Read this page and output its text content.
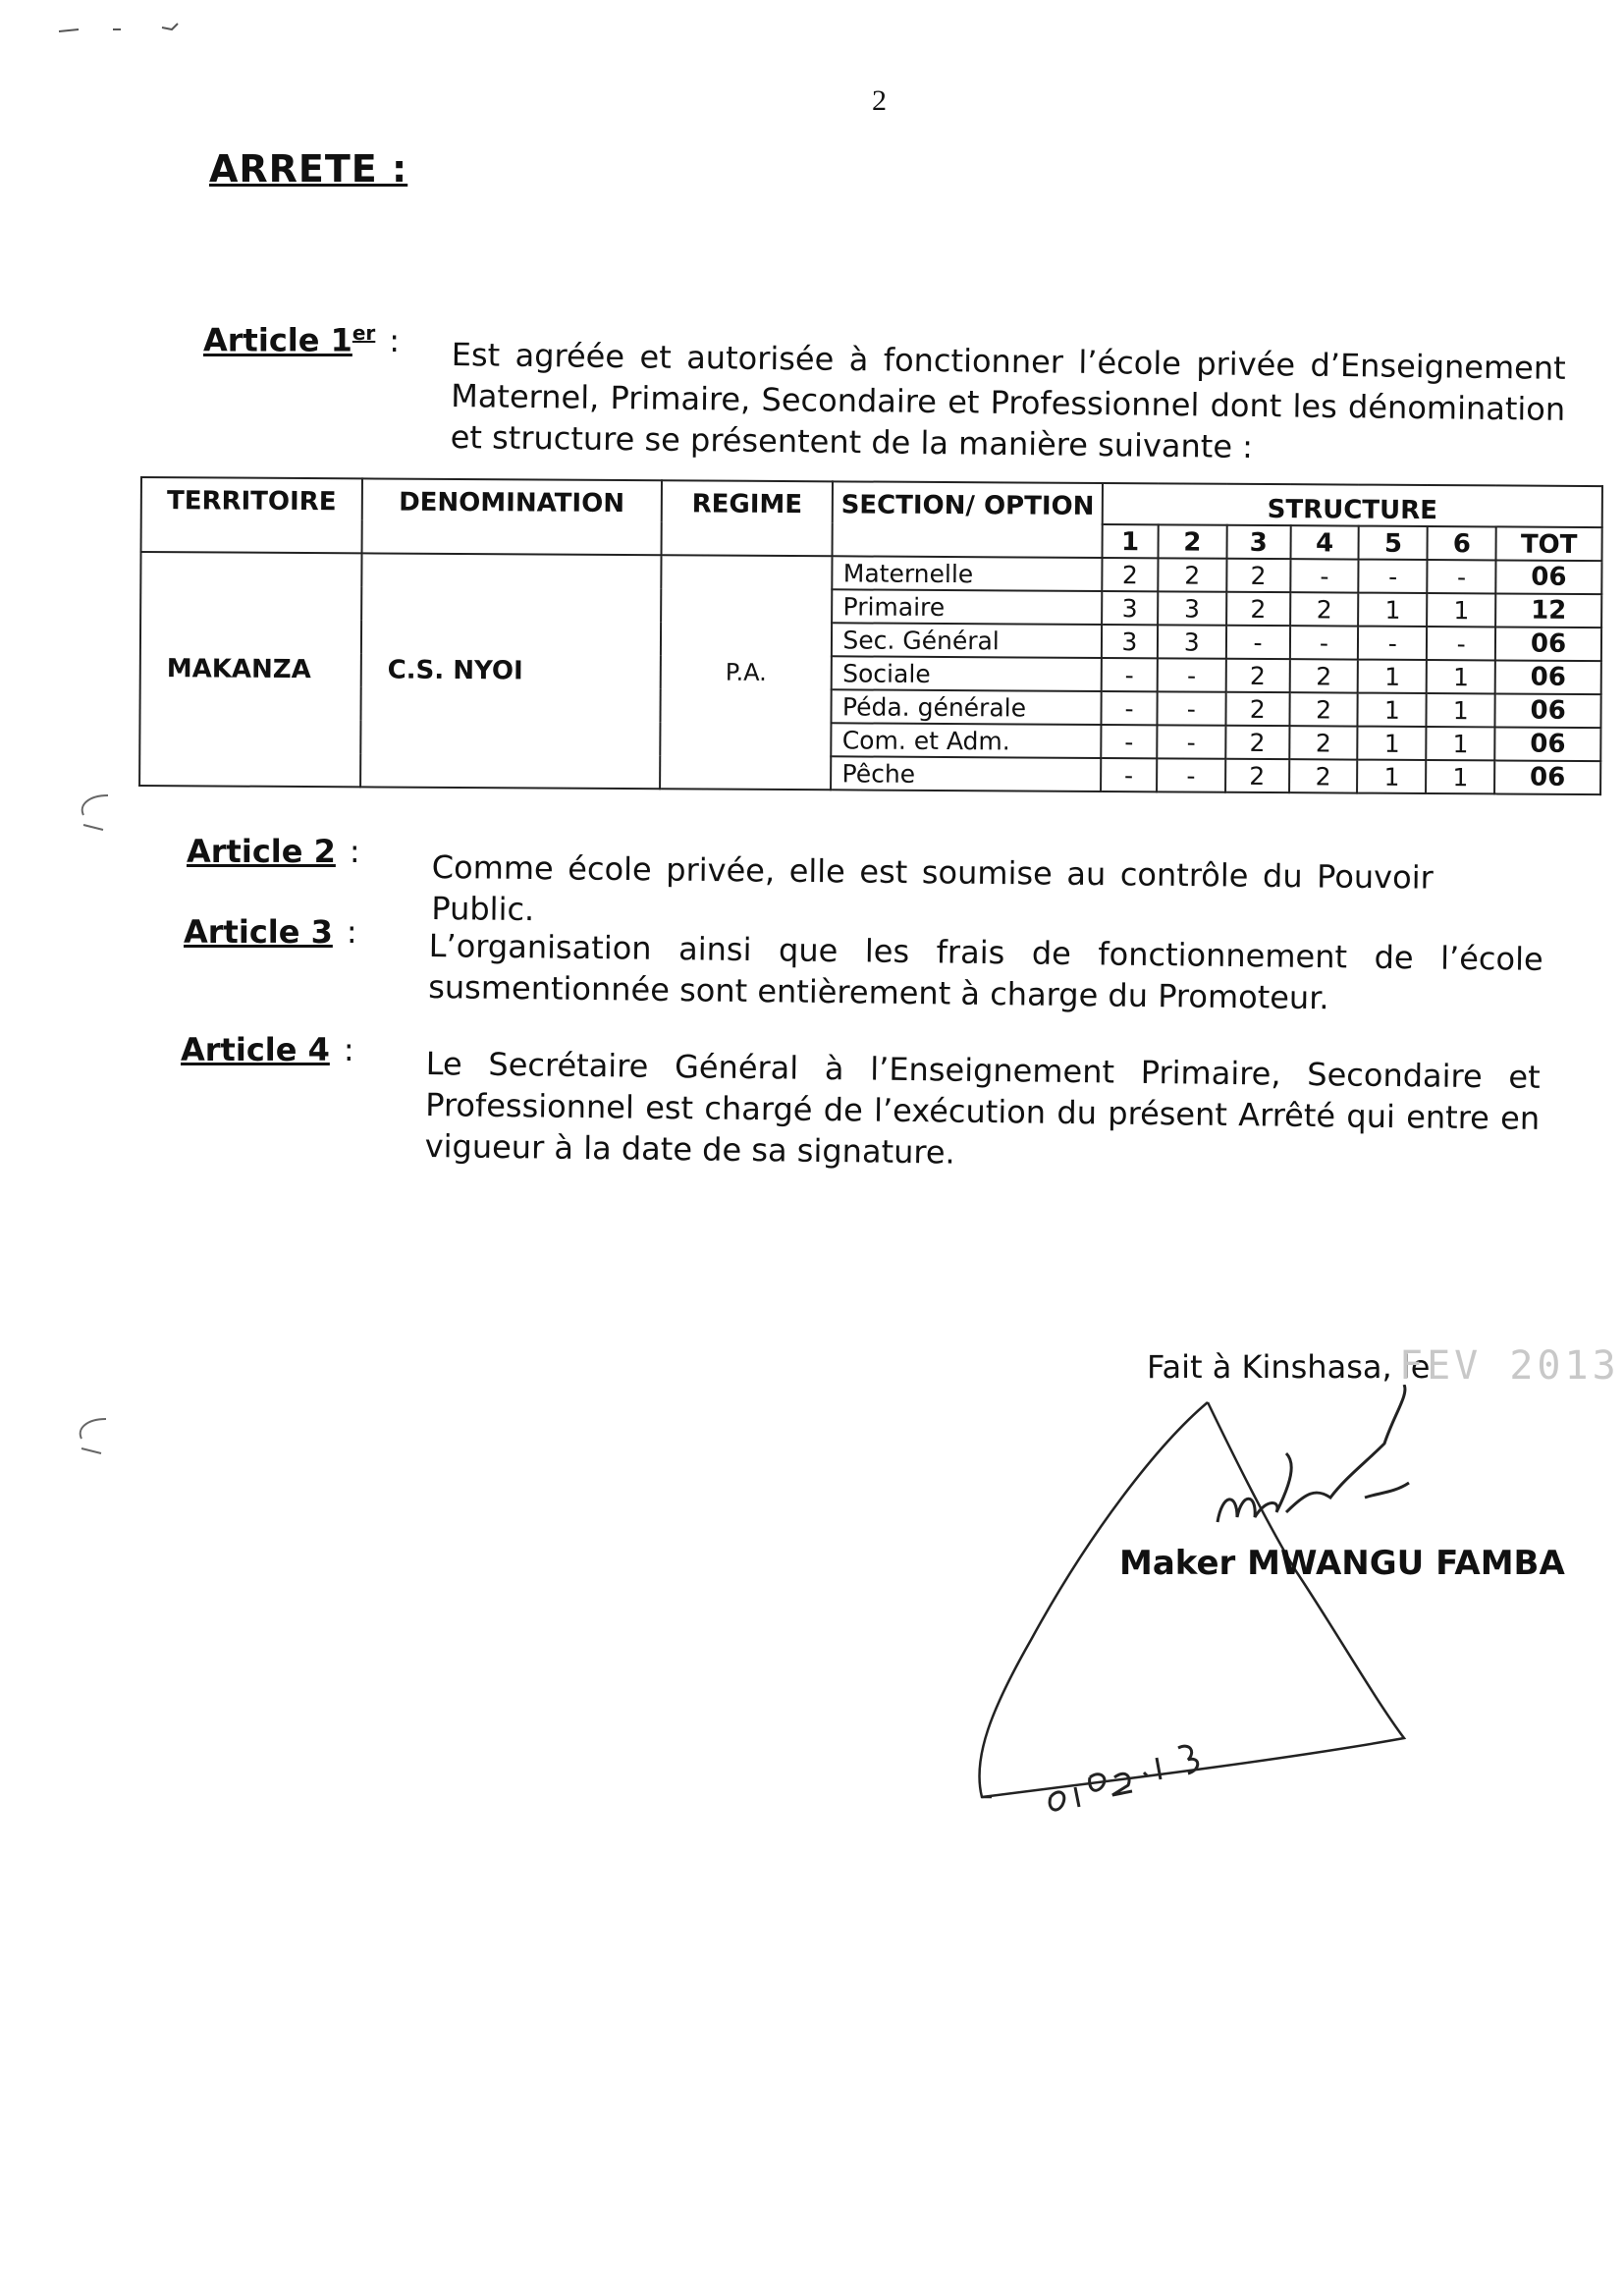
2
ARRETE :
Article 1er : Est agréée et autorisée à fonctionner l’école privée d’Enseignement Maternel, Primaire, Secondaire et Professionnel dont les dénomination et structure se présentent de la manière suivante :
TERRITOIRE	DENOMINATION	REGIME	SECTION/ OPTION	STRUCTURE						
				1	2	3	4	5	6	TOT
MAKANZA	C.S. NYOI	P.A.	Maternelle	2	2	2	-	-	-	06
			Primaire	3	3	2	2	1	1	12
			Sec. Général	3	3	-	-	-	-	06
			Sociale	-	-	2	2	1	1	06
			Péda. générale	-	-	2	2	1	1	06
			Com. et Adm.	-	-	2	2	1	1	06
			Pêche	-	-	2	2	1	1	06
Article 2 : Comme école privée, elle est soumise au contrôle du Pouvoir Public.
Article 3 : L’organisation ainsi que les frais de fonctionnement de l’école susmentionnée sont entièrement à charge du Promoteur.
Article 4 : Le Secrétaire Général à l’Enseignement Primaire, Secondaire et Professionnel est chargé de l’exécution du présent Arrêté qui entre en vigueur à la date de sa signature.
Fait à Kinshasa, le
FEV 2013
Maker MWANGU FAMBA
